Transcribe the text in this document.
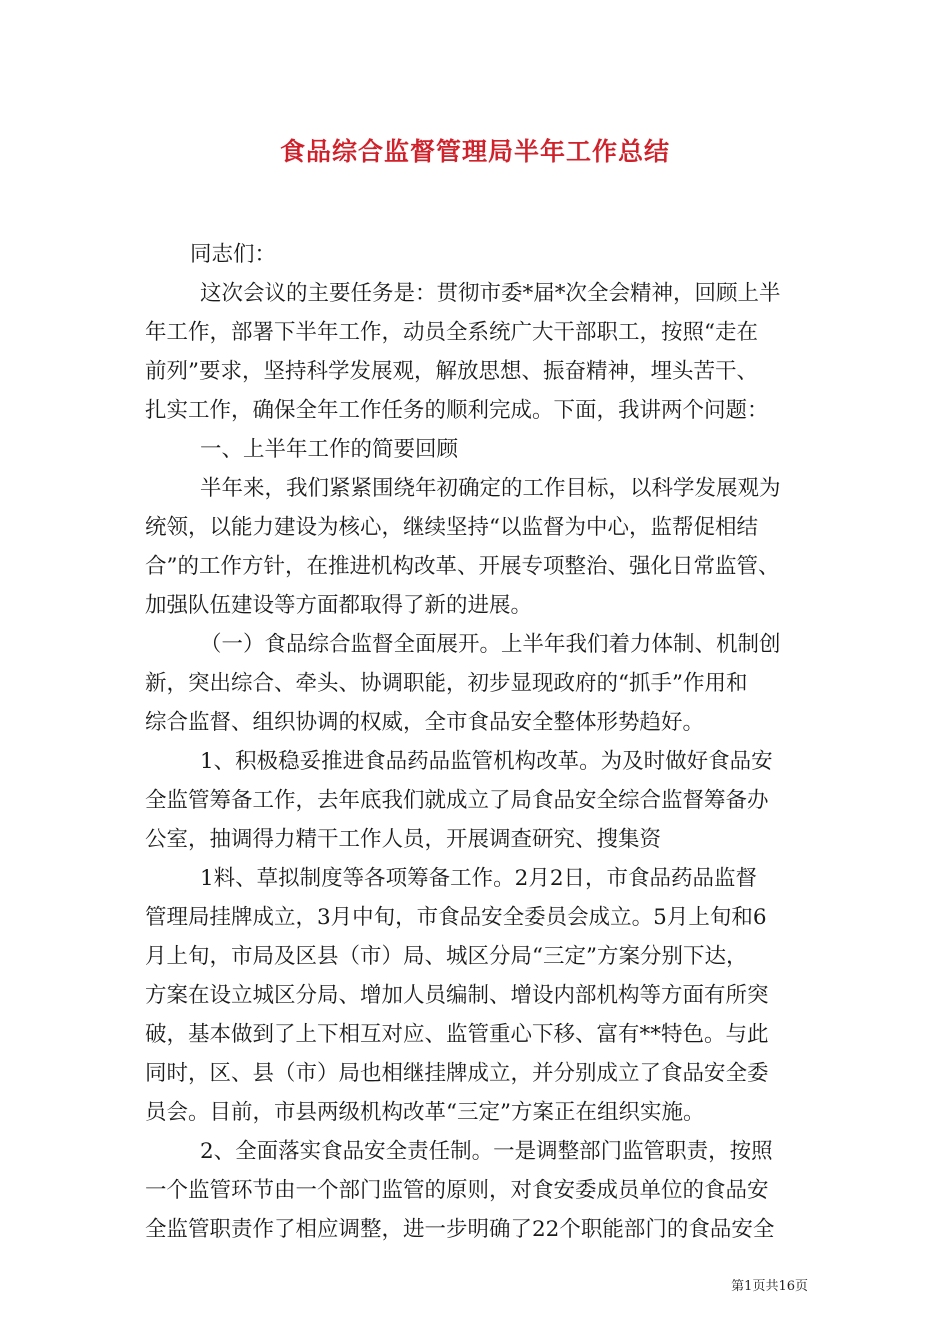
食品综合监督管理局半年工作总结
同志们：
这次会议的主要任务是：贯彻市委*届*次全会精神，回顾上半
年工作，部署下半年工作，动员全系统广大干部职工，按照“走在
前列”要求，坚持科学发展观，解放思想、振奋精神，埋头苦干、
扎实工作，确保全年工作任务的顺利完成。下面，我讲两个问题：
一、上半年工作的简要回顾
半年来，我们紧紧围绕年初确定的工作目标，以科学发展观为
统领，以能力建设为核心，继续坚持“以监督为中心，监帮促相结
合”的工作方针，在推进机构改革、开展专项整治、强化日常监管、
加强队伍建设等方面都取得了新的进展。
（一）食品综合监督全面展开。上半年我们着力体制、机制创
新，突出综合、牵头、协调职能，初步显现政府的“抓手”作用和
综合监督、组织协调的权威，全市食品安全整体形势趋好。
1、积极稳妥推进食品药品监管机构改革。为及时做好食品安
全监管筹备工作，去年底我们就成立了局食品安全综合监督筹备办
公室，抽调得力精干工作人员，开展调查研究、搜集资
1料、草拟制度等各项筹备工作。2月2日，市食品药品监督
管理局挂牌成立，3月中旬，市食品安全委员会成立。5月上旬和6
月上旬，市局及区县（市）局、城区分局“三定”方案分别下达，
方案在设立城区分局、增加人员编制、增设内部机构等方面有所突
破，基本做到了上下相互对应、监管重心下移、富有**特色。与此
同时，区、县（市）局也相继挂牌成立，并分别成立了食品安全委
员会。目前，市县两级机构改革“三定”方案正在组织实施。
2、全面落实食品安全责任制。一是调整部门监管职责，按照
一个监管环节由一个部门监管的原则，对食安委成员单位的食品安
全监管职责作了相应调整，进一步明确了22个职能部门的食品安全
第1页共16页
